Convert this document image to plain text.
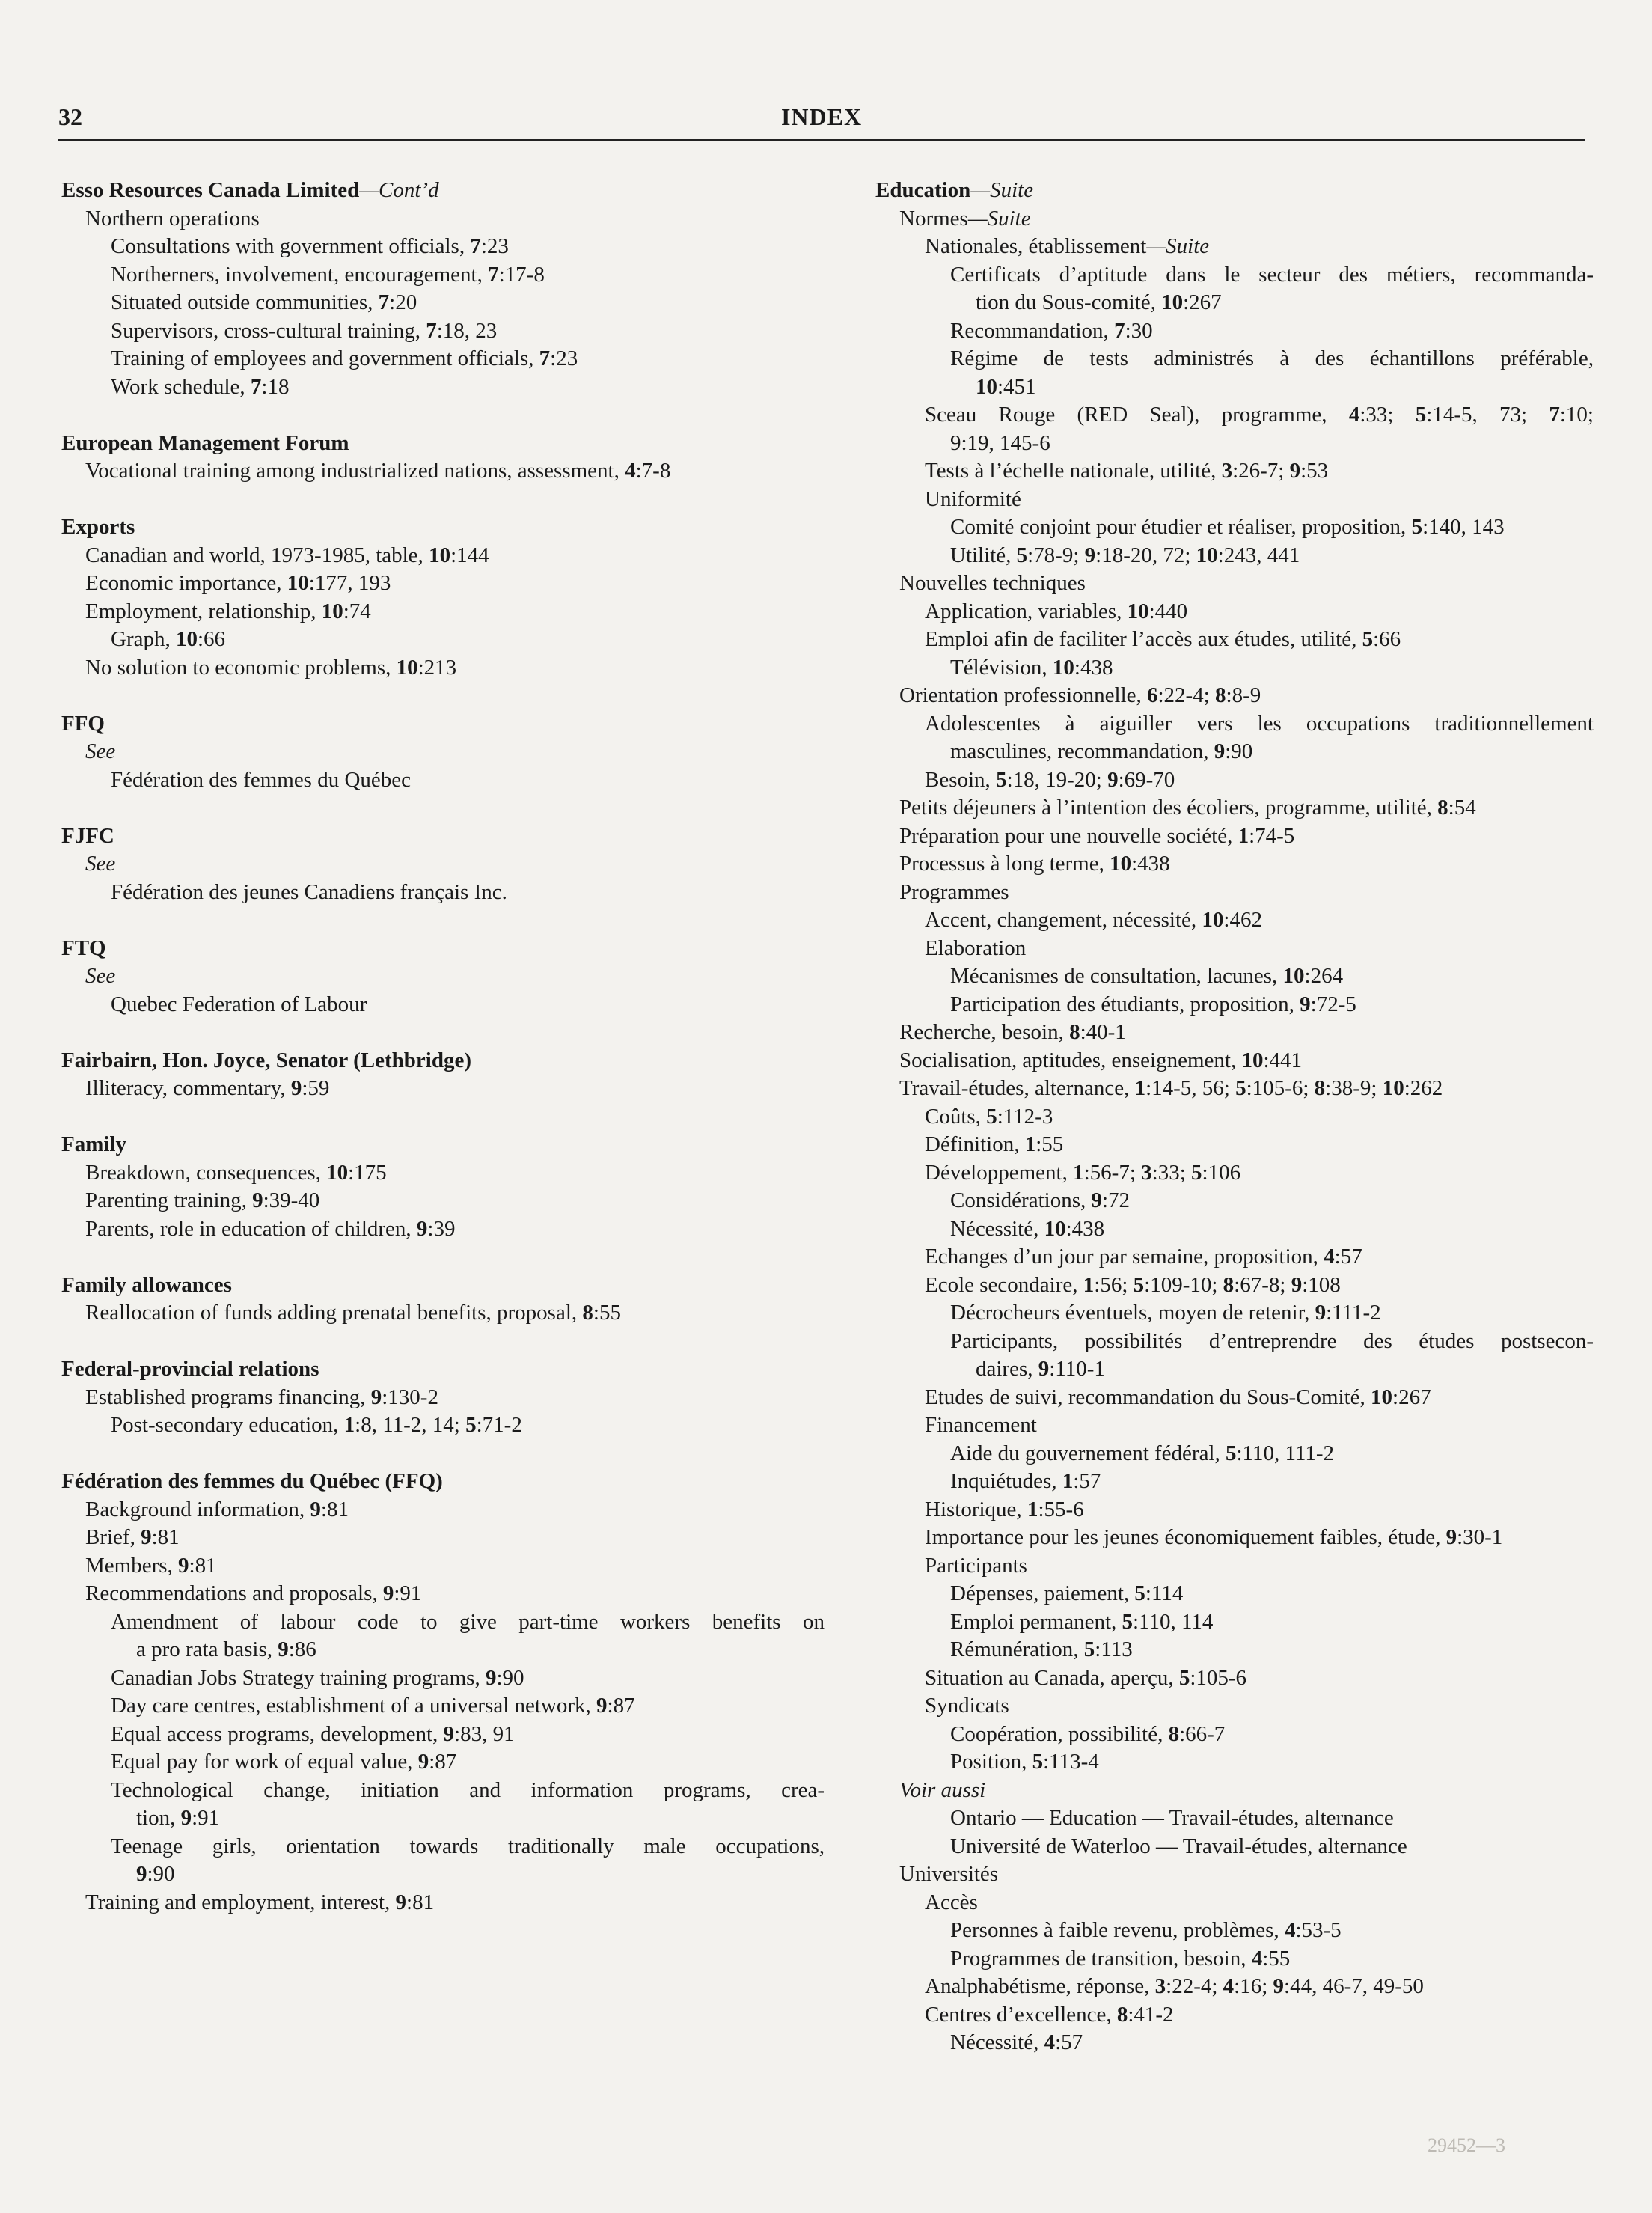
32	INDEX
Esso Resources Canada Limited—Cont’d
Northern operations
Consultations with government officials, 7:23
Northerners, involvement, encouragement, 7:17-8
Situated outside communities, 7:20
Supervisors, cross-cultural training, 7:18, 23
Training of employees and government officials, 7:23
Work schedule, 7:18
European Management Forum
Vocational training among industrialized nations, assessment, 4:7-8
Exports
Canadian and world, 1973-1985, table, 10:144
Economic importance, 10:177, 193
Employment, relationship, 10:74
Graph, 10:66
No solution to economic problems, 10:213
FFQ
See
Fédération des femmes du Québec
FJFC
See
Fédération des jeunes Canadiens français Inc.
FTQ
See
Quebec Federation of Labour
Fairbairn, Hon. Joyce, Senator (Lethbridge)
Illiteracy, commentary, 9:59
Family
Breakdown, consequences, 10:175
Parenting training, 9:39-40
Parents, role in education of children, 9:39
Family allowances
Reallocation of funds adding prenatal benefits, proposal, 8:55
Federal-provincial relations
Established programs financing, 9:130-2
Post-secondary education, 1:8, 11-2, 14; 5:71-2
Fédération des femmes du Québec (FFQ)
Background information, 9:81
Brief, 9:81
Members, 9:81
Recommendations and proposals, 9:91
Amendment of labour code to give part-time workers benefits on
a pro rata basis, 9:86
Canadian Jobs Strategy training programs, 9:90
Day care centres, establishment of a universal network, 9:87
Equal access programs, development, 9:83, 91
Equal pay for work of equal value, 9:87
Technological change, initiation and information programs, crea-
tion, 9:91
Teenage girls, orientation towards traditionally male occupations,
9:90
Training and employment, interest, 9:81
Education—Suite
Normes—Suite
Nationales, établissement—Suite
Certificats d’aptitude dans le secteur des métiers, recommanda-
tion du Sous-comité, 10:267
Recommandation, 7:30
Régime de tests administrés à des échantillons préférable,
10:451
Sceau Rouge (RED Seal), programme, 4:33; 5:14-5, 73; 7:10;
9:19, 145-6
Tests à l’échelle nationale, utilité, 3:26-7; 9:53
Uniformité
Comité conjoint pour étudier et réaliser, proposition, 5:140, 143
Utilité, 5:78-9; 9:18-20, 72; 10:243, 441
Nouvelles techniques
Application, variables, 10:440
Emploi afin de faciliter l’accès aux études, utilité, 5:66
Télévision, 10:438
Orientation professionnelle, 6:22-4; 8:8-9
Adolescentes à aiguiller vers les occupations traditionnellement
masculines, recommandation, 9:90
Besoin, 5:18, 19-20; 9:69-70
Petits déjeuners à l’intention des écoliers, programme, utilité, 8:54
Préparation pour une nouvelle société, 1:74-5
Processus à long terme, 10:438
Programmes
Accent, changement, nécessité, 10:462
Elaboration
Mécanismes de consultation, lacunes, 10:264
Participation des étudiants, proposition, 9:72-5
Recherche, besoin, 8:40-1
Socialisation, aptitudes, enseignement, 10:441
Travail-études, alternance, 1:14-5, 56; 5:105-6; 8:38-9; 10:262
Coûts, 5:112-3
Définition, 1:55
Développement, 1:56-7; 3:33; 5:106
Considérations, 9:72
Nécessité, 10:438
Echanges d’un jour par semaine, proposition, 4:57
Ecole secondaire, 1:56; 5:109-10; 8:67-8; 9:108
Décrocheurs éventuels, moyen de retenir, 9:111-2
Participants, possibilités d’entreprendre des études postsecon-
daires, 9:110-1
Etudes de suivi, recommandation du Sous-Comité, 10:267
Financement
Aide du gouvernement fédéral, 5:110, 111-2
Inquiétudes, 1:57
Historique, 1:55-6
Importance pour les jeunes économiquement faibles, étude, 9:30-1
Participants
Dépenses, paiement, 5:114
Emploi permanent, 5:110, 114
Rémunération, 5:113
Situation au Canada, aperçu, 5:105-6
Syndicats
Coopération, possibilité, 8:66-7
Position, 5:113-4
Voir aussi
Ontario — Education — Travail-études, alternance
Université de Waterloo — Travail-études, alternance
Universités
Accès
Personnes à faible revenu, problèmes, 4:53-5
Programmes de transition, besoin, 4:55
Analphabétisme, réponse, 3:22-4; 4:16; 9:44, 46-7, 49-50
Centres d’excellence, 8:41-2
Nécessité, 4:57
29452—3
